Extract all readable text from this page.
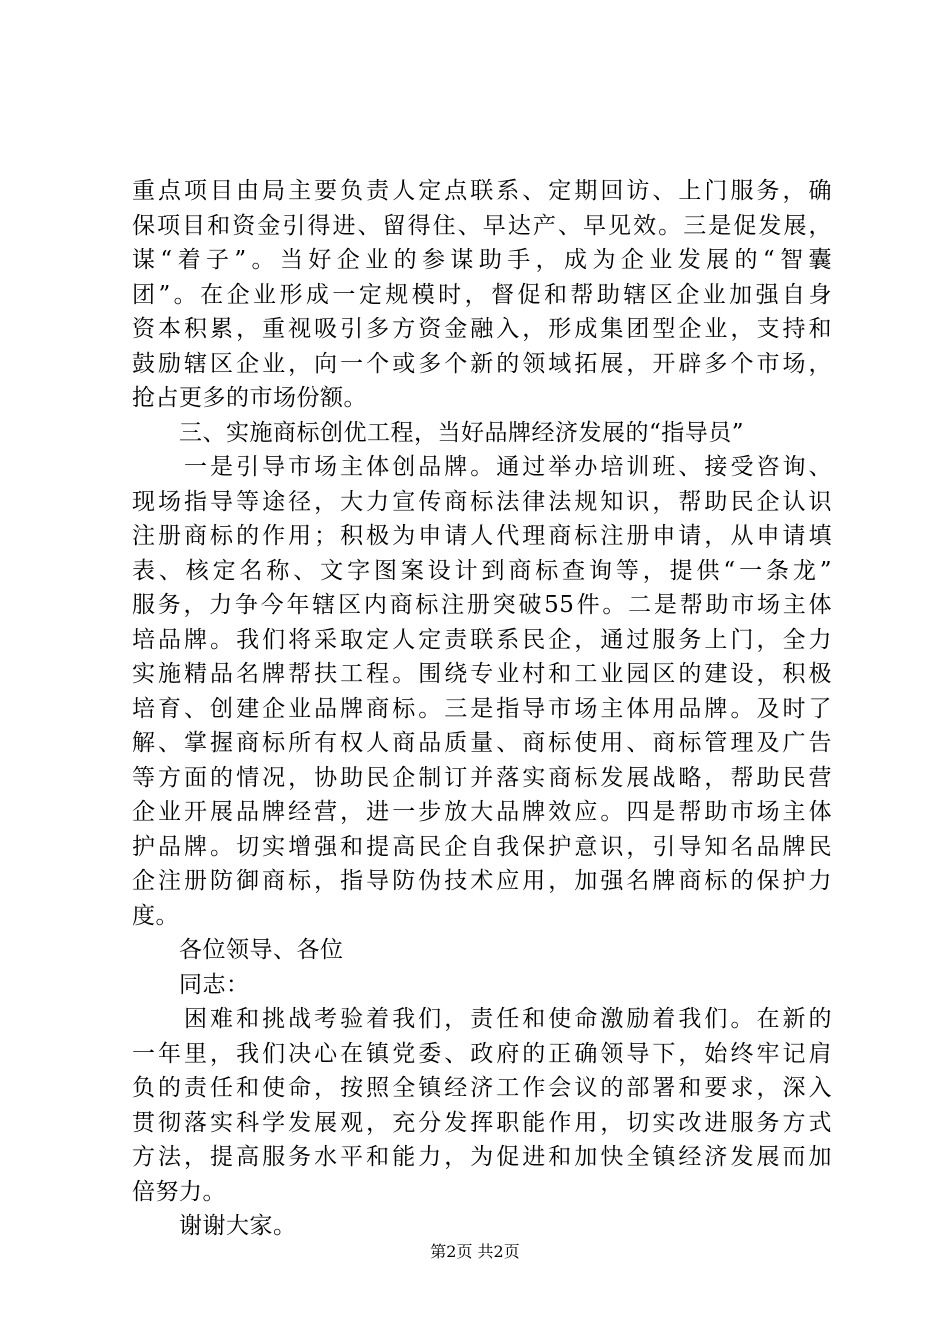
重点项目由局主要负责人定点联系、定期回访、上门服务，确
保项目和资金引得进、留得住、早达产、早见效。三是促发展，
谋“着子”。当好企业的参谋助手，成为企业发展的“智囊
团”。在企业形成一定规模时，督促和帮助辖区企业加强自身
资本积累，重视吸引多方资金融入，形成集团型企业，支持和
鼓励辖区企业，向一个或多个新的领域拓展，开辟多个市场，
抢占更多的市场份额。
　　三、实施商标创优工程，当好品牌经济发展的“指导员”
　　一是引导市场主体创品牌。通过举办培训班、接受咨询、
现场指导等途径，大力宣传商标法律法规知识，帮助民企认识
注册商标的作用；积极为申请人代理商标注册申请，从申请填
表、核定名称、文字图案设计到商标查询等，提供“一条龙”
服务，力争今年辖区内商标注册突破55件。二是帮助市场主体
培品牌。我们将采取定人定责联系民企，通过服务上门，全力
实施精品名牌帮扶工程。围绕专业村和工业园区的建设，积极
培育、创建企业品牌商标。三是指导市场主体用品牌。及时了
解、掌握商标所有权人商品质量、商标使用、商标管理及广告
等方面的情况，协助民企制订并落实商标发展战略，帮助民营
企业开展品牌经营，进一步放大品牌效应。四是帮助市场主体
护品牌。切实增强和提高民企自我保护意识，引导知名品牌民
企注册防御商标，指导防伪技术应用，加强名牌商标的保护力
度。
　　各位领导、各位
　　同志：
　　困难和挑战考验着我们，责任和使命激励着我们。在新的
一年里，我们决心在镇党委、政府的正确领导下，始终牢记肩
负的责任和使命，按照全镇经济工作会议的部署和要求，深入
贯彻落实科学发展观，充分发挥职能作用，切实改进服务方式
方法，提高服务水平和能力，为促进和加快全镇经济发展而加
倍努力。
　　谢谢大家。
第2页 共2页
